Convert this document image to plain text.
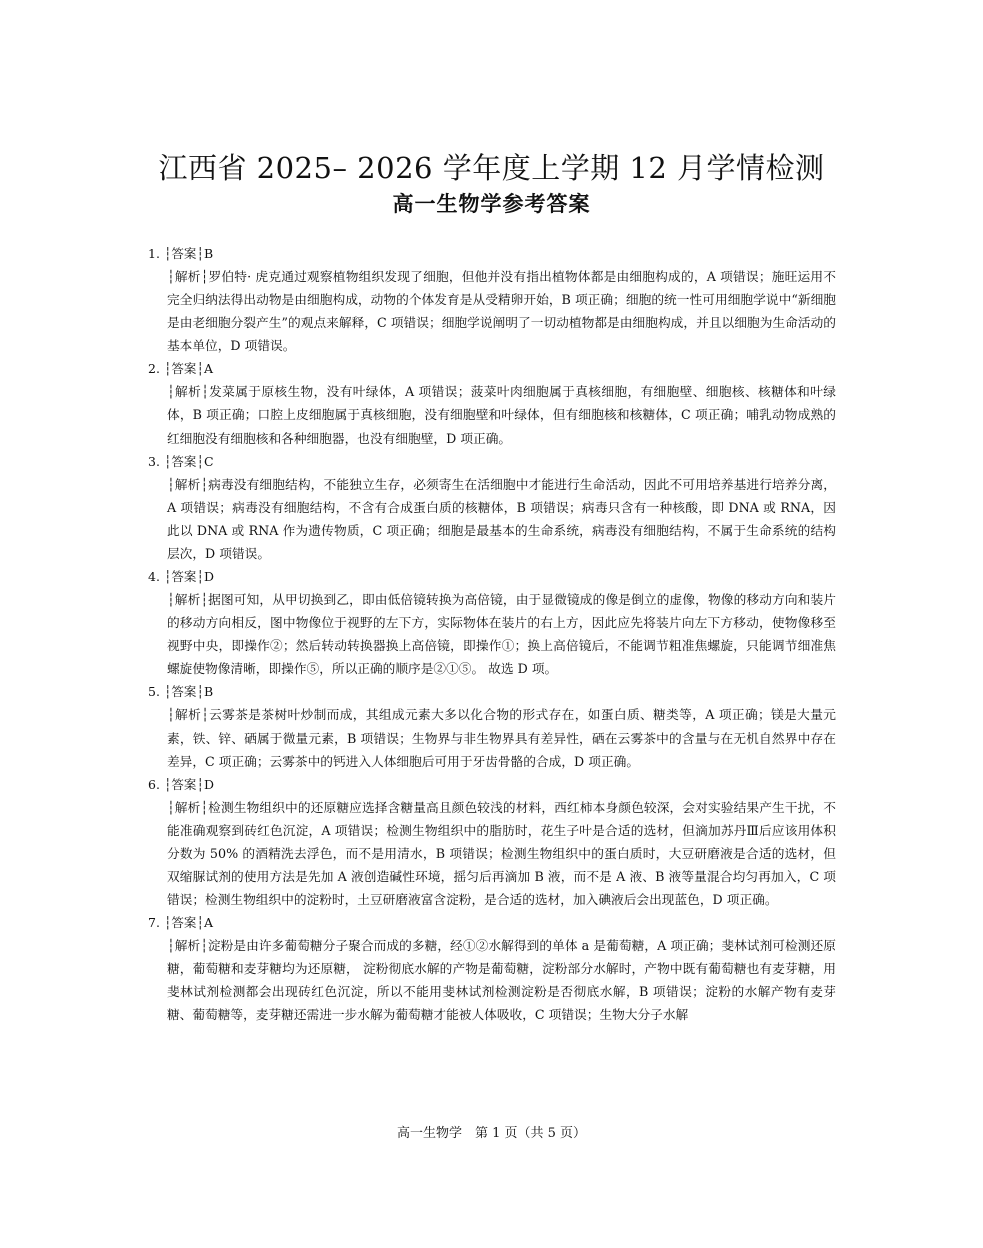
江西省 2025– 2026 学年度上学期 12 月学情检测
高一生物学参考答案
1. ┆答案┆B
┆解析┆罗伯特· 虎克通过观察植物组织发现了细胞，但他并没有指出植物体都是由细胞构成的，A 项错误；施旺运用不完全归纳法得出动物是由细胞构成，动物的个体发育是从受精卵开始，B 项正确；细胞的统一性可用细胞学说中“新细胞是由老细胞分裂产生”的观点来解释，C 项错误；细胞学说阐明了一切动植物都是由细胞构成，并且以细胞为生命活动的基本单位，D 项错误。
2. ┆答案┆A
┆解析┆发菜属于原核生物，没有叶绿体，A 项错误；菠菜叶肉细胞属于真核细胞，有细胞壁、细胞核、核糖体和叶绿体，B 项正确；口腔上皮细胞属于真核细胞，没有细胞壁和叶绿体，但有细胞核和核糖体，C 项正确；哺乳动物成熟的红细胞没有细胞核和各种细胞器，也没有细胞壁，D 项正确。
3. ┆答案┆C
┆解析┆病毒没有细胞结构，不能独立生存，必须寄生在活细胞中才能进行生命活动，因此不可用培养基进行培养分离，A 项错误；病毒没有细胞结构，不含有合成蛋白质的核糖体，B 项错误；病毒只含有一种核酸，即 DNA 或 RNA，因此以 DNA 或 RNA 作为遗传物质，C 项正确；细胞是最基本的生命系统，病毒没有细胞结构，不属于生命系统的结构层次，D 项错误。
4. ┆答案┆D
┆解析┆据图可知，从甲切换到乙，即由低倍镜转换为高倍镜，由于显微镜成的像是倒立的虚像，物像的移动方向和装片的移动方向相反，图中物像位于视野的左下方，实际物体在装片的右上方，因此应先将装片向左下方移动，使物像移至视野中央，即操作②；然后转动转换器换上高倍镜，即操作①；换上高倍镜后，不能调节粗准焦螺旋，只能调节细准焦螺旋使物像清晰，即操作⑤，所以正确的顺序是②①⑤。 故选 D 项。
5. ┆答案┆B
┆解析┆云雾茶是茶树叶炒制而成，其组成元素大多以化合物的形式存在，如蛋白质、糖类等，A 项正确；镁是大量元素，铁、锌、硒属于微量元素，B 项错误；生物界与非生物界具有差异性，硒在云雾茶中的含量与在无机自然界中存在差异，C 项正确；云雾茶中的钙进入人体细胞后可用于牙齿骨骼的合成，D 项正确。
6. ┆答案┆D
┆解析┆检测生物组织中的还原糖应选择含糖量高且颜色较浅的材料，西红柿本身颜色较深，会对实验结果产生干扰，不能准确观察到砖红色沉淀，A 项错误；检测生物组织中的脂肪时，花生子叶是合适的选材，但滴加苏丹Ⅲ后应该用体积分数为 50% 的酒精洗去浮色，而不是用清水，B 项错误；检测生物组织中的蛋白质时，大豆研磨液是合适的选材，但双缩脲试剂的使用方法是先加 A 液创造碱性环境，摇匀后再滴加 B 液，而不是 A 液、B 液等量混合均匀再加入，C 项错误；检测生物组织中的淀粉时，土豆研磨液富含淀粉，是合适的选材，加入碘液后会出现蓝色，D 项正确。
7. ┆答案┆A
┆解析┆淀粉是由许多葡萄糖分子聚合而成的多糖，经①②水解得到的单体 a 是葡萄糖，A 项正确；斐林试剂可检测还原糖，葡萄糖和麦芽糖均为还原糖， 淀粉彻底水解的产物是葡萄糖，淀粉部分水解时，产物中既有葡萄糖也有麦芽糖，用斐林试剂检测都会出现砖红色沉淀，所以不能用斐林试剂检测淀粉是否彻底水解，B 项错误；淀粉的水解产物有麦芽糖、葡萄糖等，麦芽糖还需进一步水解为葡萄糖才能被人体吸收，C 项错误；生物大分子水解
高一生物学　第 1 页（共 5 页）
